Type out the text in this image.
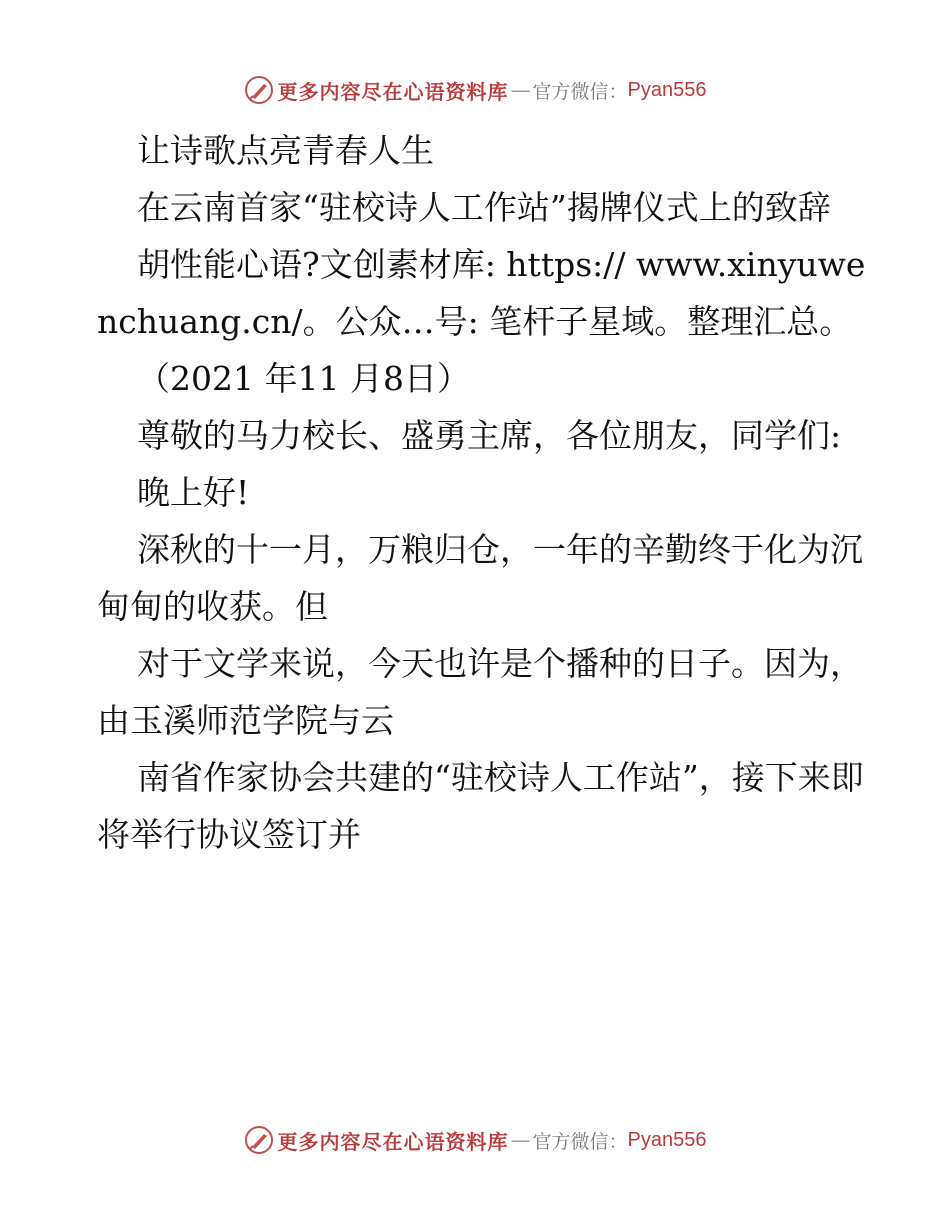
更多内容尽在心语资料库 — 官方微信： Pyan556

让诗歌点亮青春人生

在云南首家“驻校诗人工作站”揭牌仪式上的致辞

胡性能心语?文创素材库: https:// www.xinyuwenchuang.cn/。公众…号: 笔杆子星域。整理汇总。

（2021 年11 月8日）

尊敬的马力校长、盛勇主席，各位朋友，同学们:

晚上好!

深秋的十一月，万粮归仓，一年的辛勤终于化为沉甸甸的收获。但

对于文学来说，今天也许是个播种的日子。因为，由玉溪师范学院与云

南省作家协会共建的“驻校诗人工作站”，接下来即将举行协议签订并

更多内容尽在心语资料库 — 官方微信： Pyan556
